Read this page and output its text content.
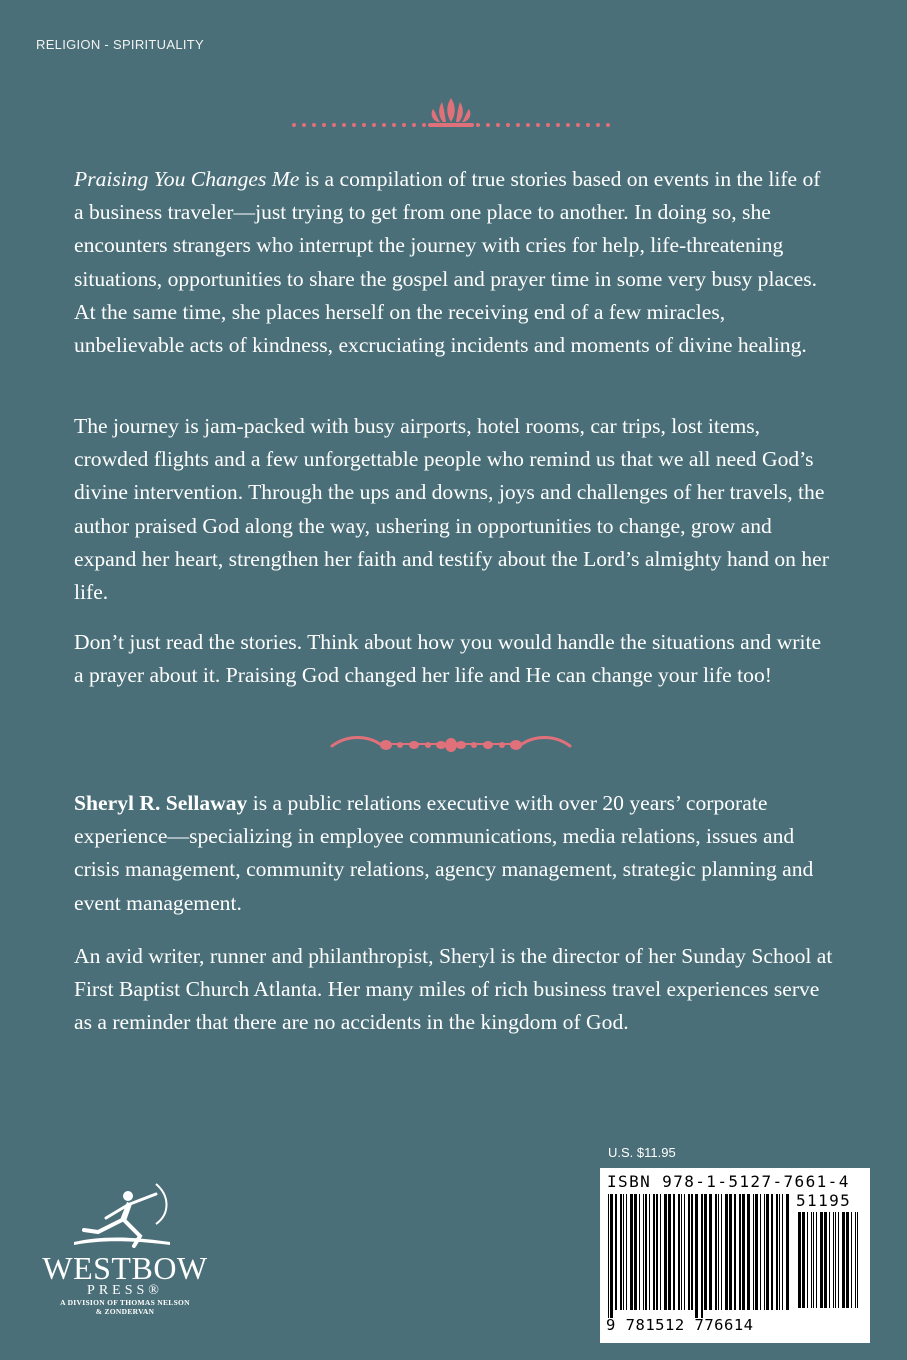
RELIGION - SPIRITUALITY

Praising You Changes Me is a compilation of true stories based on events in the life of a business traveler—just trying to get from one place to another. In doing so, she encounters strangers who interrupt the journey with cries for help, life-threatening situations, opportunities to share the gospel and prayer time in some very busy places. At the same time, she places herself on the receiving end of a few miracles, unbelievable acts of kindness, excruciating incidents and moments of divine healing.

The journey is jam-packed with busy airports, hotel rooms, car trips, lost items, crowded flights and a few unforgettable people who remind us that we all need God’s divine intervention. Through the ups and downs, joys and challenges of her travels, the author praised God along the way, ushering in opportunities to change, grow and expand her heart, strengthen her faith and testify about the Lord’s almighty hand on her life.

Don’t just read the stories. Think about how you would handle the situations and write a prayer about it. Praising God changed her life and He can change your life too!

Sheryl R. Sellaway is a public relations executive with over 20 years’ corporate experience—specializing in employee communications, media relations, issues and crisis management, community relations, agency management, strategic planning and event management.

An avid writer, runner and philanthropist, Sheryl is the director of her Sunday School at First Baptist Church Atlanta. Her many miles of rich business travel experiences serve as a reminder that there are no accidents in the kingdom of God.

WESTBOW
PRESS®
A DIVISION OF THOMAS NELSON
& ZONDERVAN
U.S. $11.95
ISBN 978-1-5127-7661-4
51195
9 781512 776614
